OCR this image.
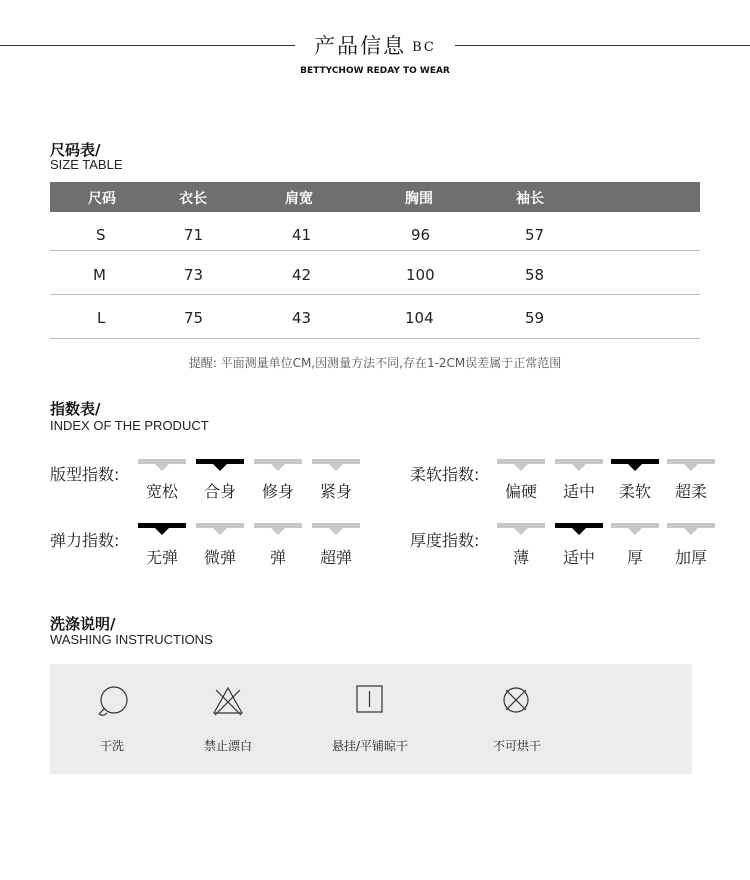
产品信息 BC
BETTYCHOW REDAY TO WEAR
尺码表/
SIZE TABLE
尺码	衣长	肩宽	胸围	袖长
S	71	41	96	57
M	73	42	100	58
L	75	43	104	59
提醒: 平面测量单位CM,因测量方法不同,存在1-2CM误差属于正常范围
指数表/
INDEX OF THE PRODUCT
版型指数:
宽松	合身	修身	紧身
柔软指数:
偏硬	适中	柔软	超柔
弹力指数:
无弹	微弹	弹	超弹
厚度指数:
薄	适中	厚	加厚
洗涤说明/
WASHING INSTRUCTIONS
干洗	禁止漂白	悬挂/平铺晾干	不可烘干
